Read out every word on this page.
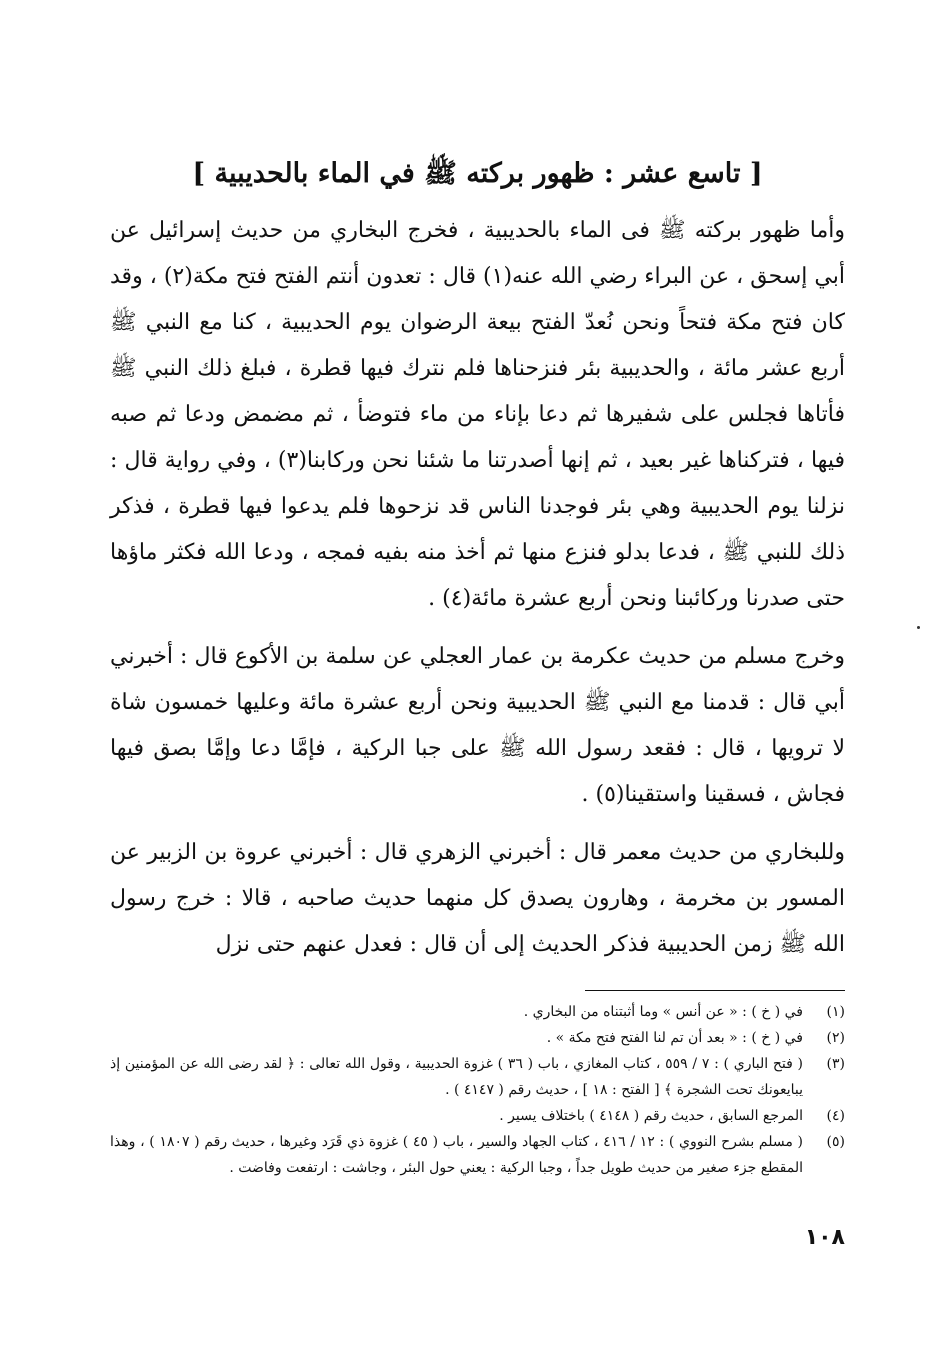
[ تاسع عشر : ظهور بركته ﷺ في الماء بالحديبية ]

وأما ظهور بركته ﷺ فى الماء بالحديبية ، فخرج البخاري من حديث إسرائيل عن أبي إسحق ، عن البراء رضي الله عنه(١) قال : تعدون أنتم الفتح فتح مكة(٢) ، وقد كان فتح مكة فتحاً ونحن نُعدّ الفتح بيعة الرضوان يوم الحديبية ، كنا مع النبي ﷺ أربع عشر مائة ، والحديبية بئر فنزحناها فلم نترك فيها قطرة ، فبلغ ذلك النبي ﷺ فأتاها فجلس على شفيرها ثم دعا بإناء من ماء فتوضأ ، ثم مضمض ودعا ثم صبه فيها ، فتركناها غير بعيد ، ثم إنها أصدرتنا ما شئنا نحن وركابنا(٣) ، وفي رواية قال : نزلنا يوم الحديبية وهي بئر فوجدنا الناس قد نزحوها فلم يدعوا فيها قطرة ، فذكر ذلك للنبي ﷺ ، فدعا بدلو فنزع منها ثم أخذ منه بفيه فمجه ، ودعا الله فكثر ماؤها حتى صدرنا وركائبنا ونحن أربع عشرة مائة(٤) .

وخرج مسلم من حديث عكرمة بن عمار العجلي عن سلمة بن الأكوع قال : أخبرني أبي قال : قدمنا مع النبي ﷺ الحديبية ونحن أربع عشرة مائة وعليها خمسون شاة لا ترويها ، قال : فقعد رسول الله ﷺ على جبا الركية ، فإمَّا دعا وإمَّا بصق فيها فجاش ، فسقينا واستقينا(٥) .

وللبخاري من حديث معمر قال : أخبرني الزهري قال : أخبرني عروة بن الزبير عن المسور بن مخرمة ، وهارون يصدق كل منهما حديث صاحبه ، قالا : خرج رسول الله ﷺ زمن الحديبية فذكر الحديث إلى أن قال : فعدل عنهم حتى نزل

(١)
في ( خ ) : « عن أنس » وما أثبتناه من البخاري .
(٢)
في ( خ ) : « بعد أن تم لنا الفتح فتح مكة » .
(٣)
( فتح الباري ) : ٧ / ٥٥٩ ، كتاب المغازي ، باب ( ٣٦ ) غزوة الحديبية ، وقول الله تعالى : ﴿ لقد رضى الله عن المؤمنين إذ يبايعونك تحت الشجرة ﴾ [ الفتح : ١٨ ] ، حديث رقم ( ٤١٤٧ ) .
(٤)
المرجع السابق ، حديث رقم ( ٤١٤٨ ) باختلاف يسير .
(٥)
( مسلم بشرح النووي ) : ١٢ / ٤١٦ ، كتاب الجهاد والسير ، باب ( ٤٥ ) غزوة ذي قَرَد وغيرها ، حديث رقم ( ١٨٠٧ ) ، وهذا المقطع جزء صغير من حديث طويل جداً ، وجبا الركية : يعني حول البئر ، وجاشت : ارتفعت وفاضت .
١٠٨
